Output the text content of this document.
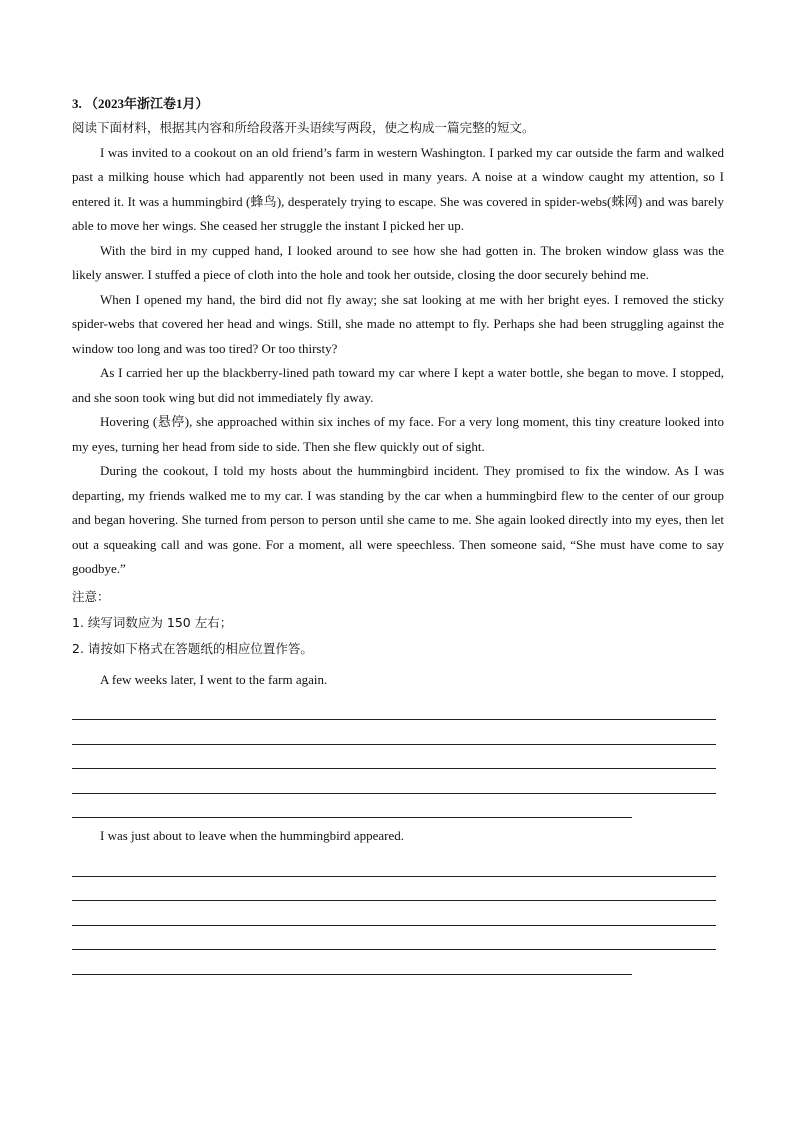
3. （2023年浙江卷1月）
阅读下面材料，根据其内容和所给段落开头语续写两段，使之构成一篇完整的短文。

I was invited to a cookout on an old friend’s farm in western Washington. I parked my car outside the farm and walked past a milking house which had apparently not been used in many years. A noise at a window caught my attention, so I entered it. It was a hummingbird (蜂鸟), desperately trying to escape. She was covered in spider-webs(蛛网) and was barely able to move her wings. She ceased her struggle the instant I picked her up.

With the bird in my cupped hand, I looked around to see how she had gotten in. The broken window glass was the likely answer. I stuffed a piece of cloth into the hole and took her outside, closing the door securely behind me.

When I opened my hand, the bird did not fly away; she sat looking at me with her bright eyes. I removed the sticky spider-webs that covered her head and wings. Still, she made no attempt to fly. Perhaps she had been struggling against the window too long and was too tired? Or too thirsty?

As I carried her up the blackberry-lined path toward my car where I kept a water bottle, she began to move. I stopped, and she soon took wing but did not immediately fly away.

Hovering (悬停), she approached within six inches of my face. For a very long moment, this tiny creature looked into my eyes, turning her head from side to side. Then she flew quickly out of sight.

During the cookout, I told my hosts about the hummingbird incident. They promised to fix the window. As I was departing, my friends walked me to my car. I was standing by the car when a hummingbird flew to the center of our group and began hovering. She turned from person to person until she came to me. She again looked directly into my eyes, then let out a squeaking call and was gone. For a moment, all were speechless. Then someone said, “She must have come to say goodbye.”

注意：
1. 续写词数应为 150 左右；
2. 请按如下格式在答题纸的相应位置作答。
A few weeks later, I went to the farm again.
I was just about to leave when the hummingbird appeared.
